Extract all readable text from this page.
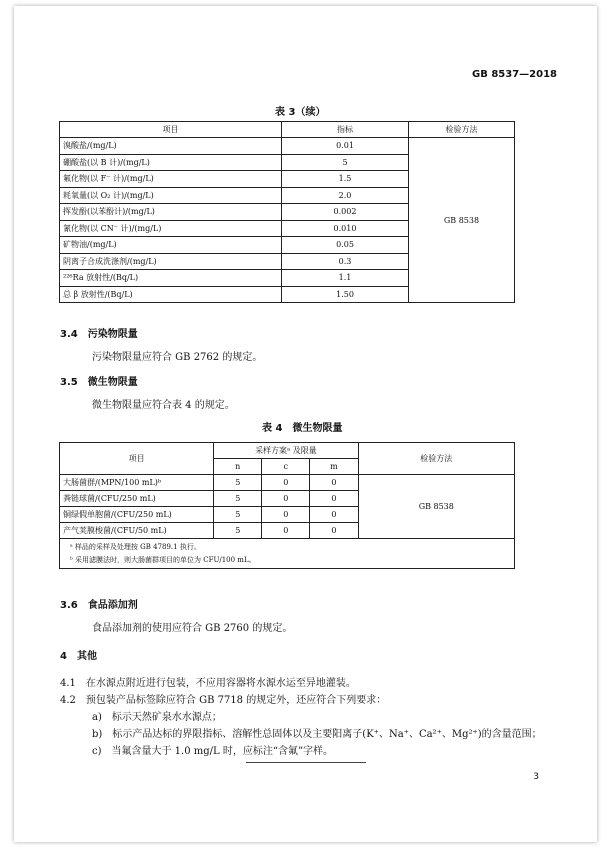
GB 8537—2018
表 3（续）
项目	指标	检验方法
溴酸盐/(mg/L)	0.01	GB 8538
硼酸盐(以 B 计)/(mg/L)	5	
氟化物(以 F⁻ 计)/(mg/L)	1.5	
耗氧量(以 O₂ 计)/(mg/L)	2.0	
挥发酚(以苯酚计)/(mg/L)	0.002	
氰化物(以 CN⁻ 计)/(mg/L)	0.010	
矿物油/(mg/L)	0.05	
阴离子合成洗涤剂/(mg/L)	0.3	
²²⁶Ra 放射性/(Bq/L)	1.1	
总 β 放射性/(Bq/L)	1.50	
3.4　污染物限量
污染物限量应符合 GB 2762 的规定。
3.5　微生物限量
微生物限量应符合表 4 的规定。
表 4　微生物限量
项目	采样方案ᵃ 及限量			检验方法
	n	c	m	
大肠菌群/(MPN/100 mL)ᵇ	5	0	0	GB 8538
粪链球菌/(CFU/250 mL)	5	0	0	
铜绿假单胞菌/(CFU/250 mL)	5	0	0	
产气荚膜梭菌/(CFU/50 mL)	5	0	0	

ᵃ 样品的采样及处理按 GB 4789.1 执行。
ᵇ 采用滤膜法时，则大肠菌群项目的单位为 CFU/100 mL。				
3.6　食品添加剂
食品添加剂的使用应符合 GB 2760 的规定。
4　其他
4.1　在水源点附近进行包装，不应用容器将水源水运至异地灌装。
4.2　预包装产品标签除应符合 GB 7718 的规定外，还应符合下列要求：
a)　标示天然矿泉水水源点；
b)　标示产品达标的界限指标、溶解性总固体以及主要阳离子(K⁺、Na⁺、Ca²⁺、Mg²⁺)的含量范围；
c)　当氟含量大于 1.0 mg/L 时，应标注“含氟”字样。
3
